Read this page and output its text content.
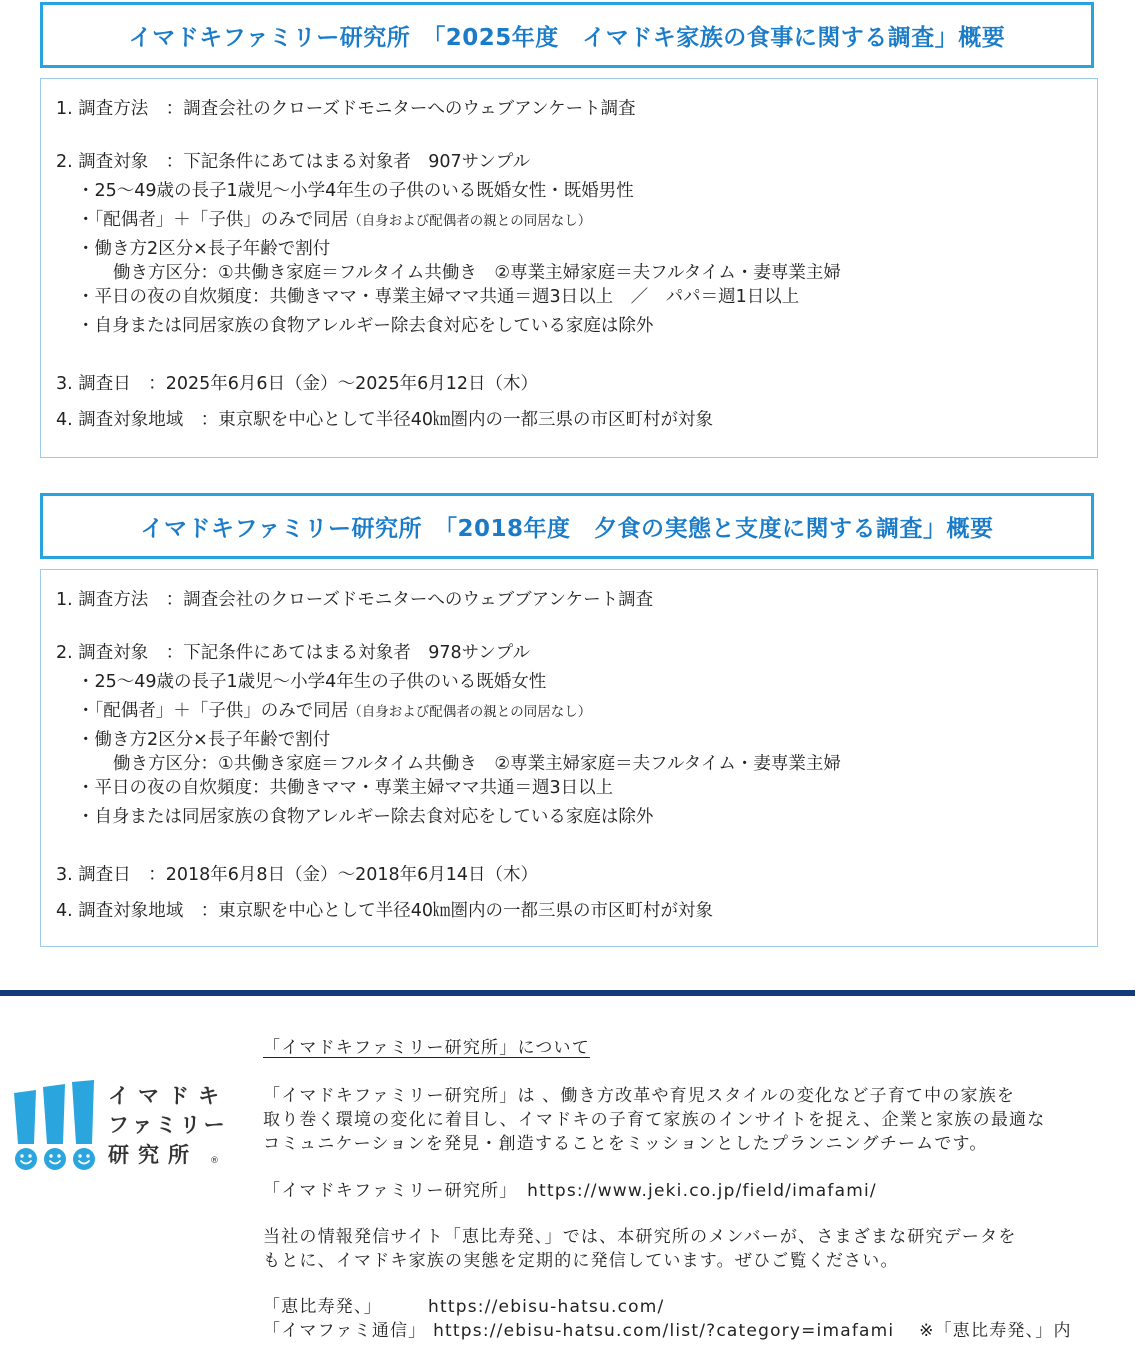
イマドキファミリー研究所　「2025年度　イマドキ家族の食事に関する調査」概要
1. 調査方法　：調査会社のクローズドモニターへのウェブアンケート調査
2. 調査対象　：下記条件にあてはまる対象者　907サンプル
・25～49歳の長子1歳児～小学4年生の子供のいる既婚女性・既婚男性
・「配偶者」＋「子供」のみで同居（自身および配偶者の親との同居なし）
・働き方2区分×長子年齢で割付
働き方区分：①共働き家庭＝フルタイム共働き　②専業主婦家庭＝夫フルタイム・妻専業主婦
・平日の夜の自炊頻度：共働きママ・専業主婦ママ共通＝週3日以上　／　パパ＝週1日以上
・自身または同居家族の食物アレルギー除去食対応をしている家庭は除外
3. 調査日　：2025年6月6日（金）～2025年6月12日（木）
4. 調査対象地域　：東京駅を中心として半径40㎞圏内の一都三県の市区町村が対象
イマドキファミリー研究所　「2018年度　夕食の実態と支度に関する調査」概要
1. 調査方法　：調査会社のクローズドモニターへのウェブブアンケート調査
2. 調査対象　：下記条件にあてはまる対象者　978サンプル
・25～49歳の長子1歳児～小学4年生の子供のいる既婚女性
・「配偶者」＋「子供」のみで同居（自身および配偶者の親との同居なし）
・働き方2区分×長子年齢で割付
働き方区分：①共働き家庭＝フルタイム共働き　②専業主婦家庭＝夫フルタイム・妻専業主婦
・平日の夜の自炊頻度：共働きママ・専業主婦ママ共通＝週3日以上
・自身または同居家族の食物アレルギー除去食対応をしている家庭は除外
3. 調査日　：2018年6月8日（金）～2018年6月14日（木）
4. 調査対象地域　：東京駅を中心として半径40㎞圏内の一都三県の市区町村が対象
イマドキ
ファミリー
研究所 ®
「イマドキファミリー研究所」について
「イマドキファミリー研究所」は 、働き方改革や育児スタイルの変化など子育て中の家族を
取り巻く環境の変化に着目し、イマドキの子育て家族のインサイトを捉え、企業と家族の最適な
コミュニケーションを発見・創造することをミッションとしたプランニングチームです。
「イマドキファミリー研究所」　https://www.jeki.co.jp/field/imafami/
当社の情報発信サイト「恵比寿発、」では、本研究所のメンバーが、さまざまな研究データを
もとに、イマドキ家族の実態を定期的に発信しています。ぜひご覧ください。
「恵比寿発、」　　　https://ebisu-hatsu.com/
「イマファミ通信」 https://ebisu-hatsu.com/list/?category=imafami　 ※「恵比寿発、」内
